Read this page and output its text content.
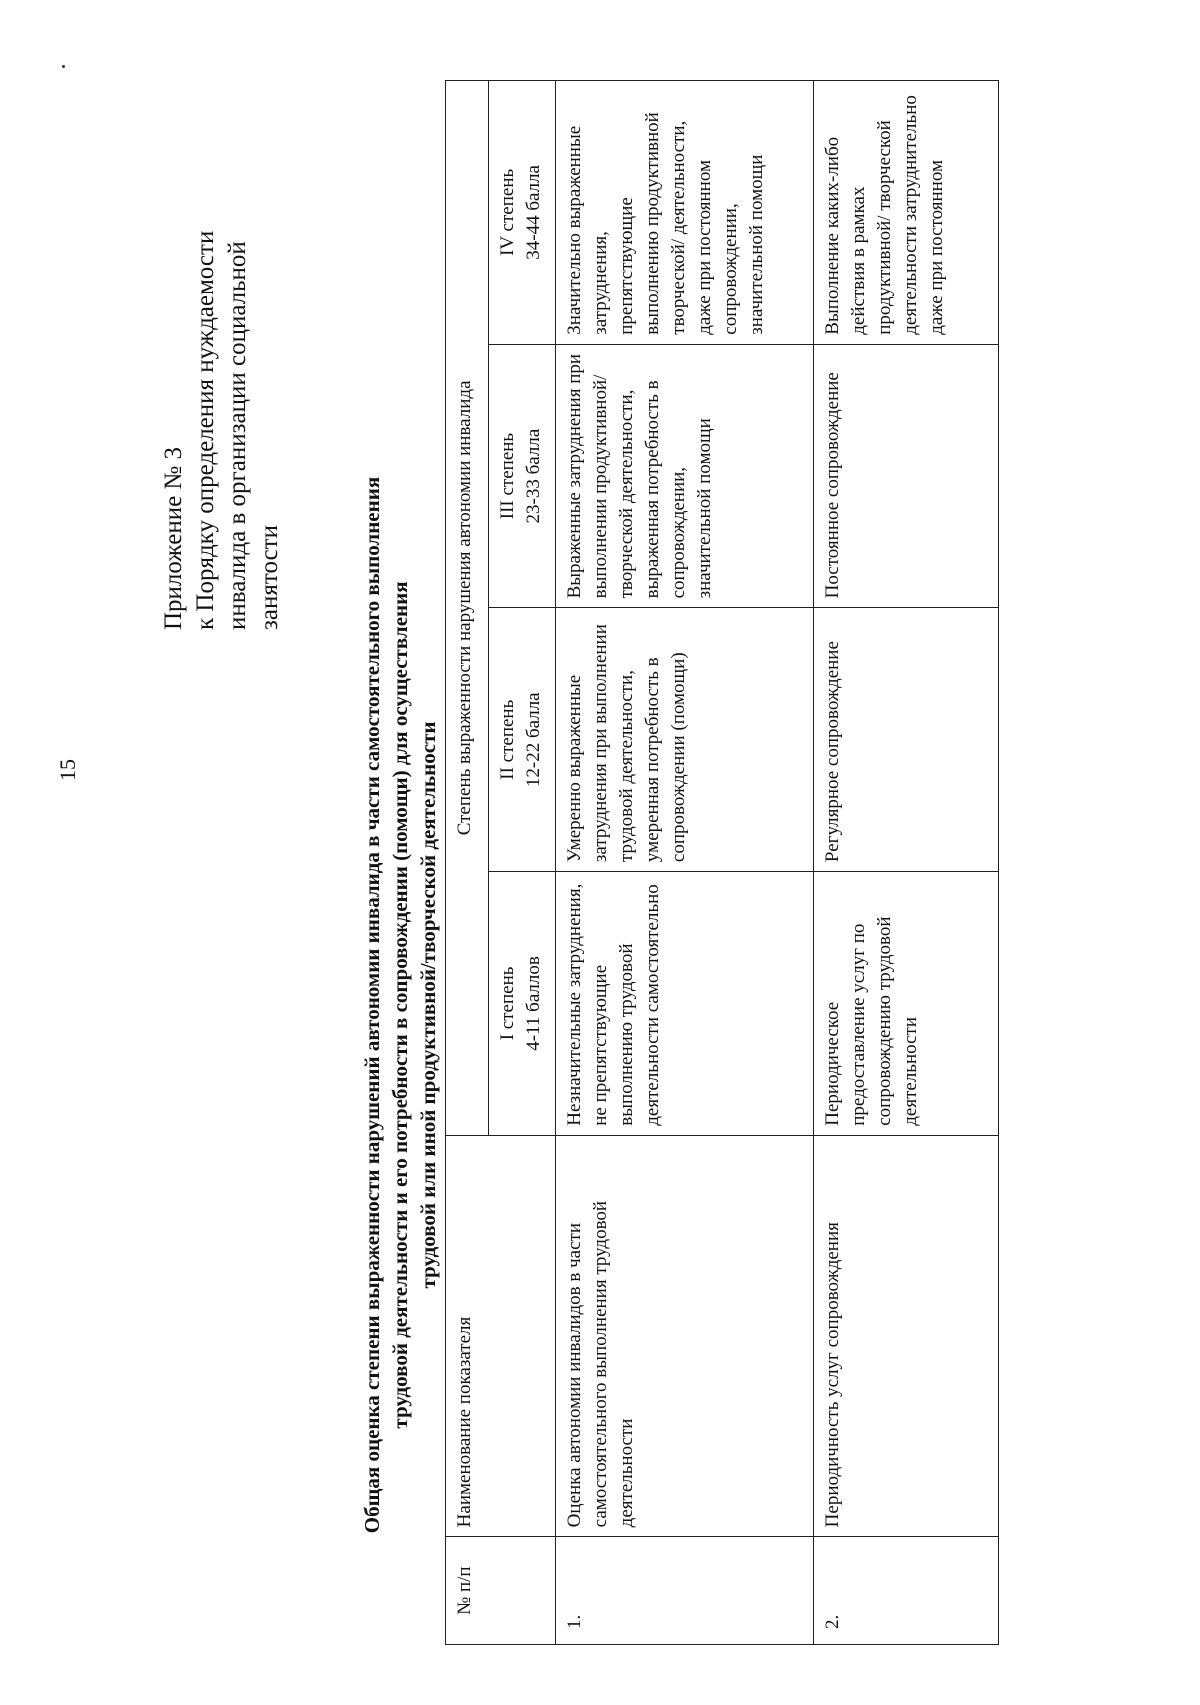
15
Приложение № 3 к Порядку определения нуждаемости инвалида в организации социальной занятости	Общая оценка степени выраженности нарушений автономии инвалида в части самостоятельного выполнения трудовой деятельности и его потребности в сопровождении (помощи) для осуществления трудовой или иной продуктивной/творческой деятельности
№ п/п	Наименование показателя	Степень выраженности нарушения автономии инвалида			

		I степень 4-11 баллов	II степень 12-22 балла	III степень 23-33 балла	IV степень 34-44 балла

1.	Оценка автономии инвалидов в части самостоятельного выполнения трудовой деятельности	Незначительные затруднения, не препятствующие выполнению трудовой деятельности самостоятельно	Умеренно выраженные затруднения при выполнении трудовой деятельности, умеренная потребность в сопровождении (помощи)	Выраженные затруднения при выполнении продуктивной/ творческой деятельности, выраженная потребность в сопровождении, значительной помощи	Значительно выраженные затруднения, препятствующие выполнению продуктивной творческой/ деятельности, даже при постоянном сопровождении, значительной помощи

2.	Периодичность услуг сопровождения	Периодическое предоставление услуг по сопровождению трудовой деятельности	Регулярное сопровождение	Постоянное сопровождение	Выполнение каких-либо действия в рамках продуктивной/ творческой деятельности затруднительно даже при постоянном
